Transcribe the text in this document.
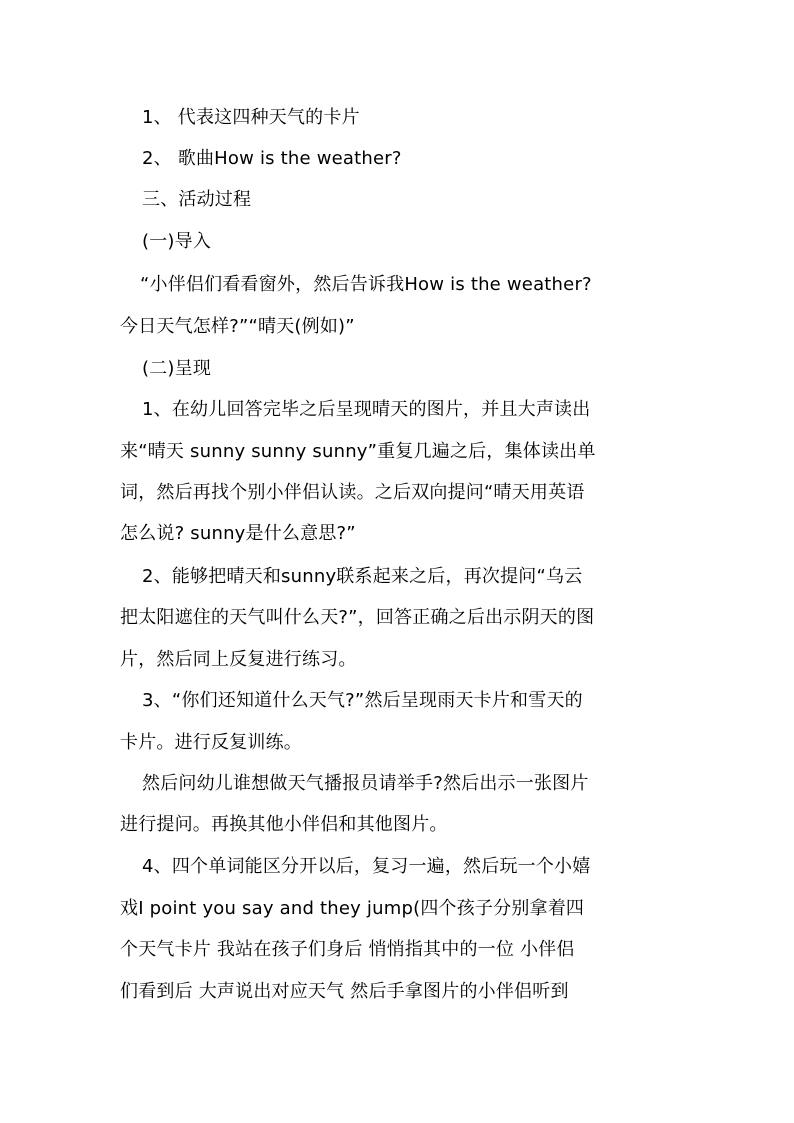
1、 代表这四种天气的卡片
2、 歌曲How is the weather?
三、活动过程
(一)导入
“小伴侣们看看窗外，然后告诉我How is the weather?
今日天气怎样?”“晴天(例如)”
(二)呈现
1、在幼儿回答完毕之后呈现晴天的图片，并且大声读出
来“晴天 sunny sunny sunny”重复几遍之后，集体读出单
词，然后再找个别小伴侣认读。之后双向提问“晴天用英语
怎么说? sunny是什么意思?”
2、能够把晴天和sunny联系起来之后，再次提问“乌云
把太阳遮住的天气叫什么天?”，回答正确之后出示阴天的图
片，然后同上反复进行练习。
3、“你们还知道什么天气?”然后呈现雨天卡片和雪天的
卡片。进行反复训练。
然后问幼儿谁想做天气播报员请举手?然后出示一张图片
进行提问。再换其他小伴侣和其他图片。
4、四个单词能区分开以后，复习一遍，然后玩一个小嬉
戏I point you say and they jump(四个孩子分别拿着四
个天气卡片 我站在孩子们身后 悄悄指其中的一位 小伴侣
们看到后 大声说出对应天气 然后手拿图片的小伴侣听到
